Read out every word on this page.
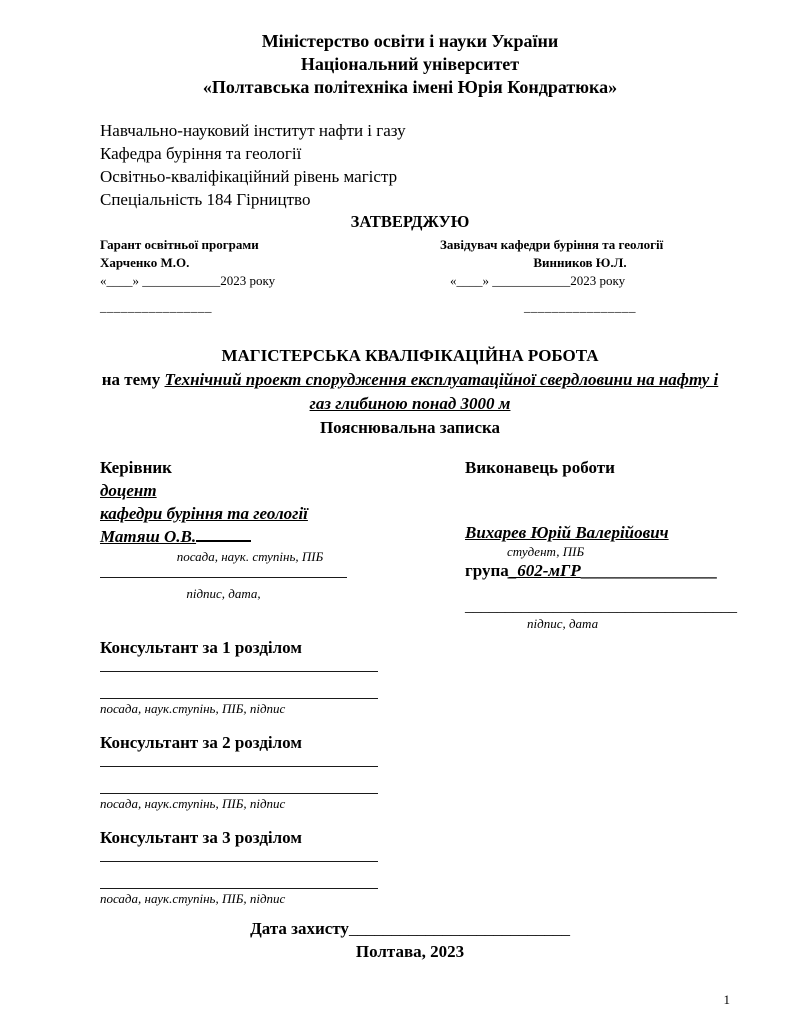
Міністерство освіти і науки України
Національний університет
«Полтавська політехніка імені Юрія Кондратюка»
Навчально-науковий інститут нафти і газу
Кафедра буріння та геології
Освітньо-кваліфікаційний рівень магістр
Спеціальність 184 Гірництво
ЗАТВЕРДЖУЮ
Гарант освітньої програми
Харченко М.О.
«____» ____________2023 року
________________
Завідувач кафедри буріння та геології
Винников Ю.Л.
«____» ____________2023 року
________________
МАГІСТЕРСЬКА КВАЛІФІКАЦІЙНА РОБОТА
на тему Технічний проект спорудження експлуатаційної свердловини на нафту і газ глибиною понад 3000 м
Пояснювальна записка
Керівник
доцент
кафедри буріння та геології
Матяш О.В.
посада, наук. ступінь, ПІБ
підпис, дата,
Виконавець роботи
Вихарев Юрій Валерійович
студент, ПІБ
група_602-мГР________________
__________________________________
підпис, дата
Консультант за 1 розділом
посада, наук.ступінь, ПІБ, підпис
Консультант за 2 розділом
посада, наук.ступінь, ПІБ, підпис
Консультант за 3 розділом
посада, наук.ступінь, ПІБ, підпис
Дата захисту__________________________
Полтава, 2023
1
